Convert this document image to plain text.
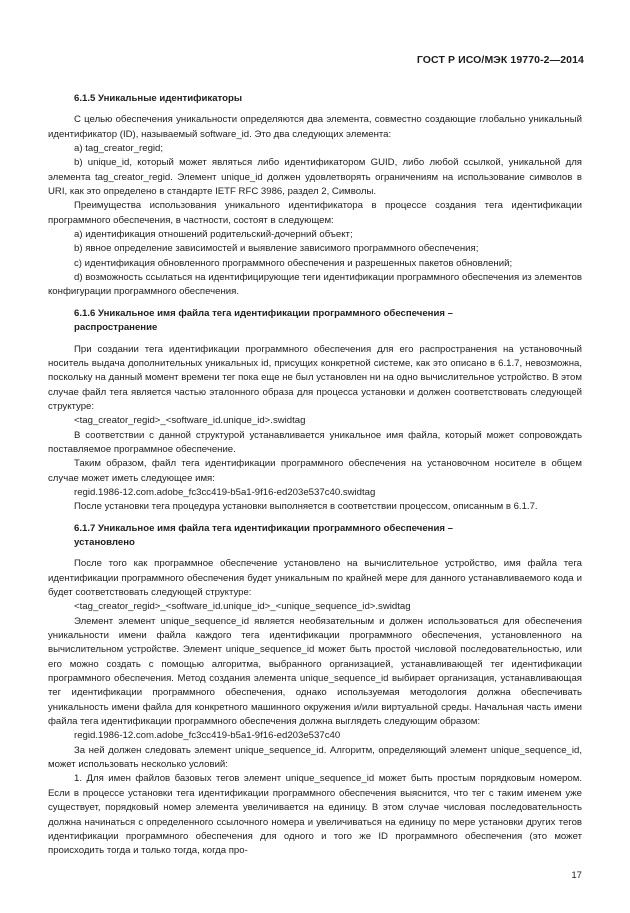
ГОСТ Р ИСО/МЭК 19770-2—2014
6.1.5 Уникальные идентификаторы

С целью обеспечения уникальности определяются два элемента, совместно создающие глобально уникальный идентификатор (ID), называемый software_id. Это два следующих элемента:

a) tag_creator_regid;

b) unique_id, который может являться либо идентификатором GUID, либо любой ссылкой, уникальной для элемента tag_creator_regid. Элемент unique_id должен удовлетворять ограничениям на использование символов в URI, как это определено в стандарте IETF RFC 3986, раздел 2, Символы.

Преимущества использования уникального идентификатора в процессе создания тега идентификации программного обеспечения, в частности, состоят в следующем:

a) идентификация отношений родительский-дочерний объект;

b) явное определение зависимостей и выявление зависимого программного обеспечения;

c) идентификация обновленного программного обеспечения и разрешенных пакетов обновлений;

d) возможность ссылаться на идентифицирующие теги идентификации программного обеспечения из элементов конфигурации программного обеспечения.

6.1.6 Уникальное имя файла тега идентификации программного обеспечения –
распространение

При создании тега идентификации программного обеспечения для его распространения на установочный носитель выдача дополнительных уникальных id, присущих конкретной системе, как это описано в 6.1.7, невозможна, поскольку на данный момент времени тег пока еще не был установлен ни на одно вычислительное устройство. В этом случае файл тега является частью эталонного образа для процесса установки и должен соответствовать следующей структуре:

<tag_creator_regid>_<software_id.unique_id>.swidtag

В соответствии с данной структурой устанавливается уникальное имя файла, который может сопровождать поставляемое программное обеспечение.

Таким образом, файл тега идентификации программного обеспечения на установочном носителе в общем случае может иметь следующее имя:

regid.1986-12.com.adobe_fc3cc419-b5a1-9f16-ed203e537c40.swidtag

После установки тега процедура установки выполняется в соответствии процессом, описанным в 6.1.7.

6.1.7 Уникальное имя файла тега идентификации программного обеспечения –
установлено

После того как программное обеспечение установлено на вычислительное устройство, имя файла тега идентификации программного обеспечения будет уникальным по крайней мере для данного устанавливаемого кода и будет соответствовать следующей структуре:

<tag_creator_regid>_<software_id.unique_id>_<unique_sequence_id>.swidtag

Элемент элемент unique_sequence_id является необязательным и должен использоваться для обеспечения уникальности имени файла каждого тега идентификации программного обеспечения, установленного на вычислительном устройстве. Элемент unique_sequence_id может быть простой числовой последовательностью, или его можно создать с помощью алгоритма, выбранного организацией, устанавливающей тег идентификации программного обеспечения. Метод создания элемента unique_sequence_id выбирает организация, устанавливающая тег идентификации программного обеспечения, однако используемая методология должна обеспечивать уникальность имени файла для конкретного машинного окружения и/или виртуальной среды. Начальная часть имени файла тега идентификации программного обеспечения должна выглядеть следующим образом:

regid.1986-12.com.adobe_fc3cc419-b5a1-9f16-ed203e537c40

За ней должен следовать элемент unique_sequence_id. Алгоритм, определяющий элемент unique_sequence_id, может использовать несколько условий:

1. Для имен файлов базовых тегов элемент unique_sequence_id может быть простым порядковым номером. Если в процессе установки тега идентификации программного обеспечения выяснится, что тег с таким именем уже существует, порядковый номер элемента увеличивается на единицу. В этом случае числовая последовательность должна начинаться с определенного ссылочного номера и увеличиваться на единицу по мере установки других тегов идентификации программного обеспечения для одного и того же ID программного обеспечения (это может происходить тогда и только тогда, когда про-

17
